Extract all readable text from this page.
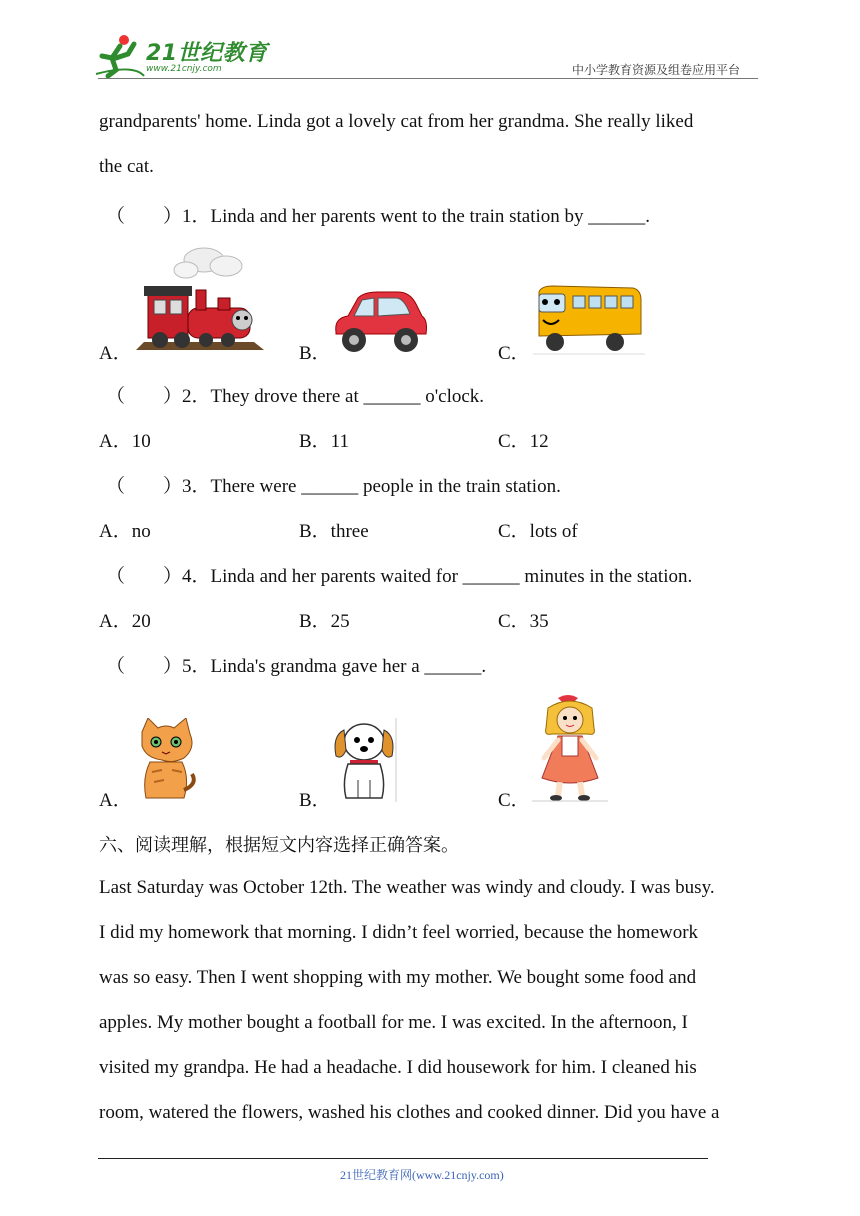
21世纪教育
www.21cnjy.com	中小学教育资源及组卷应用平台
grandparents' home. Linda got a lovely cat from her grandma. She really liked
the cat.
（　　）1．Linda and her parents went to the train station by ______.
A．	B．	C．
（　　）2．They drove there at ______ o'clock.
A．10	B．11	C．12
（　　）3．There were ______ people in the train station.
A．no	B．three	C．lots of
（　　）4．Linda and her parents waited for ______ minutes in the station.
A．20	B．25	C．35
（　　）5．Linda's grandma gave her a ______.
A．	B．	C．
六、阅读理解，根据短文内容选择正确答案。
Last Saturday was October 12th. The weather was windy and cloudy. I was busy.
I did my homework that morning. I didn’t feel worried, because the homework
was so easy. Then I went shopping with my mother. We bought some food and
apples. My mother bought a football for me. I was excited. In the afternoon, I
visited my grandpa. He had a headache. I did housework for him. I cleaned his
room, watered the flowers, washed his clothes and cooked dinner. Did you have a
21世纪教育网(www.21cnjy.com)
